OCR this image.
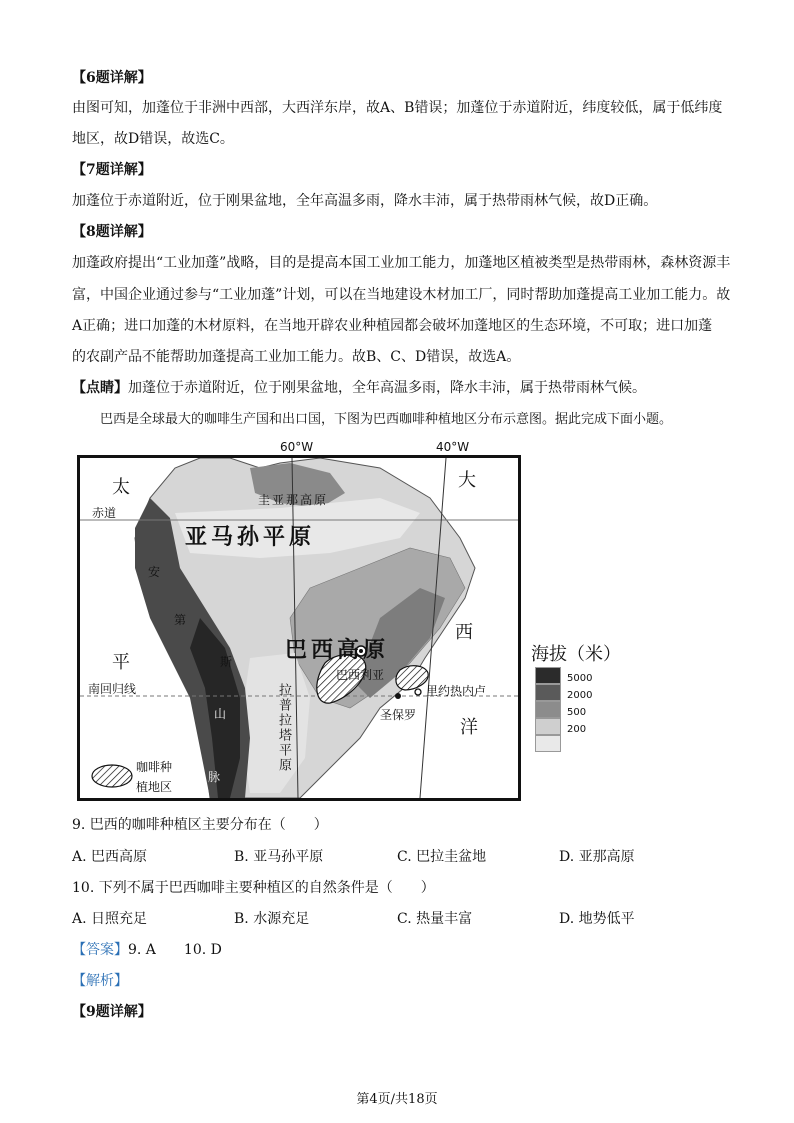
【6题详解】
由图可知，加蓬位于非洲中西部，大西洋东岸，故A、B错误；加蓬位于赤道附近，纬度较低，属于低纬度
地区，故D错误，故选C。
【7题详解】
加蓬位于赤道附近，位于刚果盆地，全年高温多雨，降水丰沛，属于热带雨林气候，故D正确。
【8题详解】
加蓬政府提出“工业加蓬”战略，目的是提高本国工业加工能力，加蓬地区植被类型是热带雨林，森林资源丰
富，中国企业通过参与“工业加蓬”计划，可以在当地建设木材加工厂，同时帮助加蓬提高工业加工能力。故
A正确；进口加蓬的木材原料，在当地开辟农业种植园都会破坏加蓬地区的生态环境，不可取；进口加蓬
的农副产品不能帮助加蓬提高工业加工能力。故B、C、D错误，故选A。
【点睛】加蓬位于赤道附近，位于刚果盆地，全年高温多雨，降水丰沛，属于热带雨林气候。
巴西是全球最大的咖啡生产国和出口国，下图为巴西咖啡种植地区分布示意图。据此完成下面小题。
60°W	40°W
太
赤道
平
南回归线
大
西
洋
圭亚那高原
亚马孙平原
巴西高原
巴西利亚
里约热内卢
圣保罗
拉普拉塔平原
安
第
斯
山
脉
咖啡种
植地区
海拔（米）
5000
2000
500
200
9. 巴西的咖啡种植区主要分布在（　　）
A. 巴西高原	B. 亚马孙平原	C. 巴拉圭盆地	D. 亚那高原
10. 下列不属于巴西咖啡主要种植区的自然条件是（　　）
A. 日照充足	B. 水源充足	C. 热量丰富	D. 地势低平
【答案】9. A　　10. D
【解析】
【9题详解】
第4页/共18页
